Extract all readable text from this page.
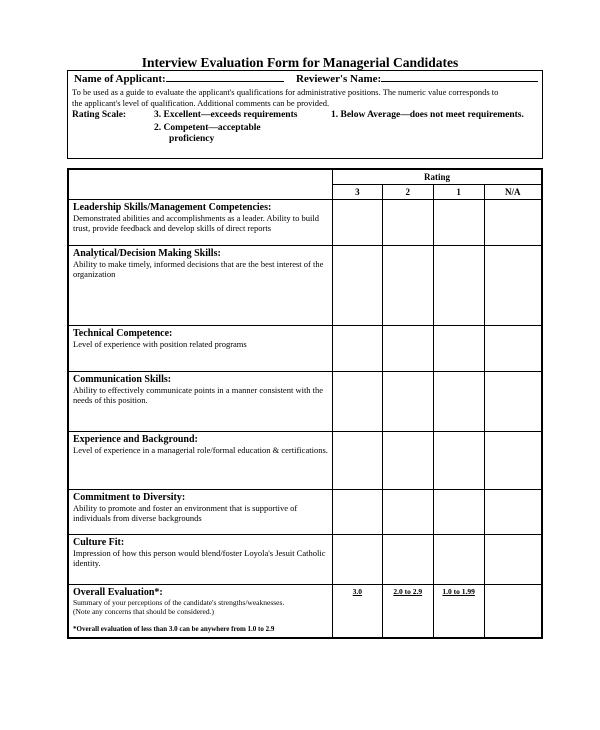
Interview Evaluation Form for Managerial Candidates
Name of Applicant:	Reviewer's Name:
To be used as a guide to evaluate the applicant's qualifications for administrative positions. The numeric value corresponds to
the applicant's level of qualification. Additional comments can be provided.
Rating Scale:	3. Excellent—exceeds requirements	1. Below Average—does not meet requirements.
2. Competent—acceptable
proficiency
	Rating			
	3	2	1	N/A

Leadership Skills/Management Competencies:
Demonstrated abilities and accomplishments as a leader. Ability to build trust, provide feedback and develop skills of direct reports				

Analytical/Decision Making Skills:
Ability to make timely, informed decisions that are the best interest of the organization				

Technical Competence:
Level of experience with position related programs				

Communication Skills:
Ability to effectively communicate points in a manner consistent with the needs of this position.				

Experience and Background:
Level of experience in a managerial role/formal education & certifications.				

Commitment to Diversity:
Ability to promote and foster an environment that is supportive of individuals from diverse backgrounds				

Culture Fit:
Impression of how this person would blend/foster Loyola's Jesuit Catholic identity.				

Overall Evaluation*:
Summary of your perceptions of the candidate's strengths/weaknesses.
(Note any concerns that should be considered.)
*Overall evaluation of less than 3.0 can be anywhere from 1.0 to 2.9	3.0	2.0 to 2.9	1.0 to 1.99	
